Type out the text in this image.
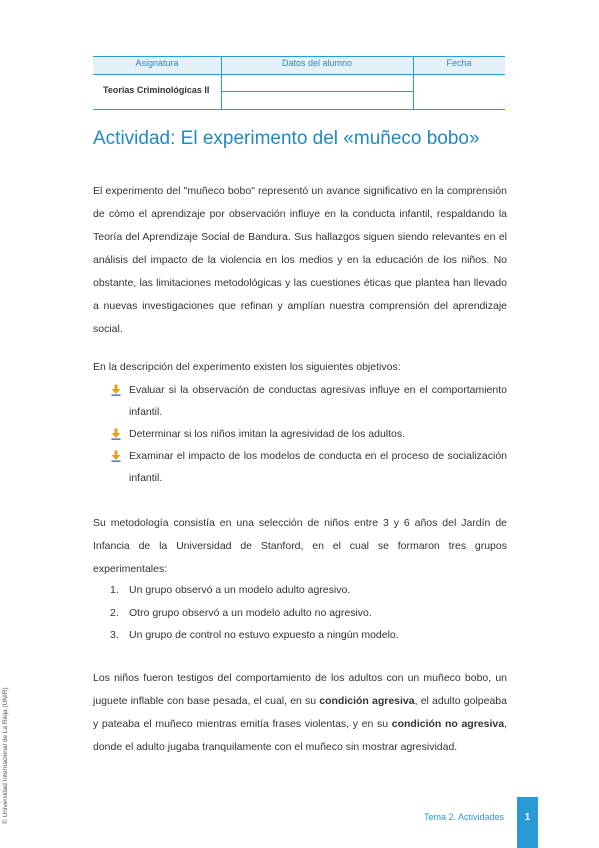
Asignatura	Datos del alumno	Fecha
Teorías Criminológicas II
Actividad: El experimento del «muñeco bobo»

El experimento del "muñeco bobo" representó un avance significativo en la comprensión de cómo el aprendizaje por observación influye en la conducta infantil, respaldando la Teoría del Aprendizaje Social de Bandura. Sus hallazgos siguen siendo relevantes en el análisis del impacto de la violencia en los medios y en la educación de los niños. No obstante, las limitaciones metodológicas y las cuestiones éticas que plantea han llevado a nuevas investigaciones que refinan y amplían nuestra comprensión del aprendizaje social.

En la descripción del experimento existen los siguientes objetivos:

Evaluar si la observación de conductas agresivas influye en el comportamiento infantil.
Determinar si los niños imitan la agresividad de los adultos.
Examinar el impacto de los modelos de conducta en el proceso de socialización infantil.

Su metodología consistía en una selección de niños entre 3 y 6 años del Jardín de Infancia de la Universidad de Stanford, en el cual se formaron tres grupos experimentales:

1. Un grupo observó a un modelo adulto agresivo.
2. Otro grupo observó a un modelo adulto no agresivo.
3. Un grupo de control no estuvo expuesto a ningún modelo.

Los niños fueron testigos del comportamiento de los adultos con un muñeco bobo, un juguete inflable con base pesada, el cual, en su condición agresiva, el adulto golpeaba y pateaba el muñeco mientras emitía frases violentas, y en su condición no agresiva, donde el adulto jugaba tranquilamente con el muñeco sin mostrar agresividad.

© Universidad Internacional de La Rioja (UNIR)	Tema 2. Actividades	1
